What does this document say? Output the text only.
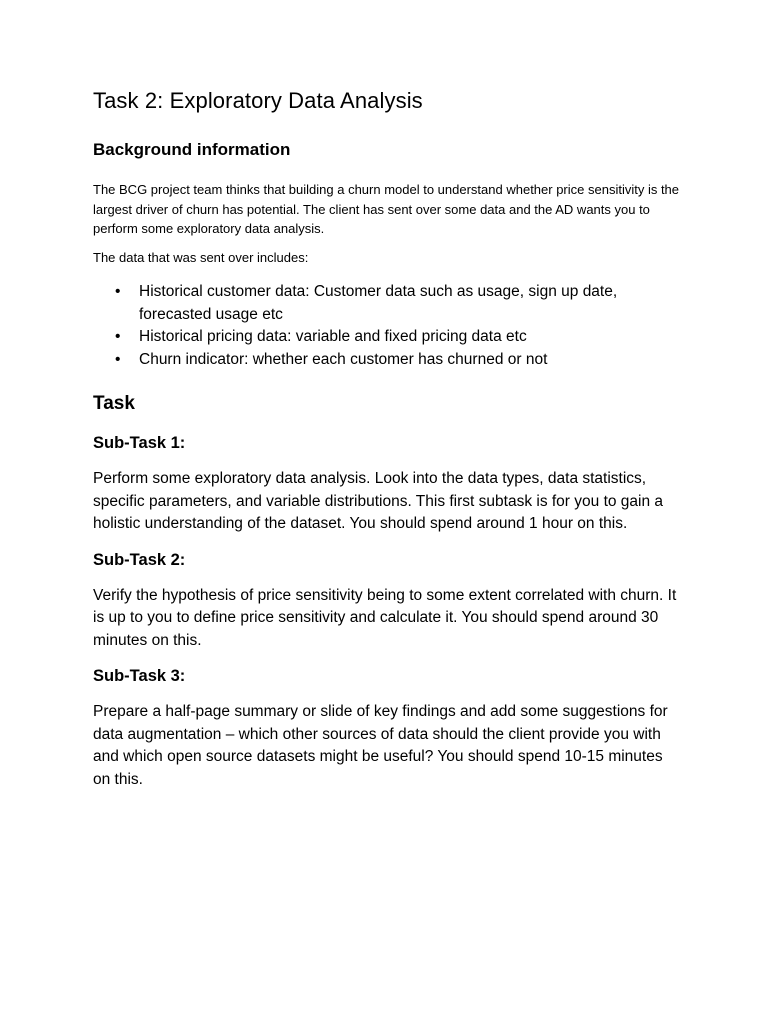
Task 2: Exploratory Data Analysis
Background information

The BCG project team thinks that building a churn model to understand whether price sensitivity is the largest driver of churn has potential. The client has sent over some data and the AD wants you to perform some exploratory data analysis.

The data that was sent over includes:

• Historical customer data: Customer data such as usage, sign up date, forecasted usage etc
• Historical pricing data: variable and fixed pricing data etc
• Churn indicator: whether each customer has churned or not
Task
Sub-Task 1:

Perform some exploratory data analysis. Look into the data types, data statistics, specific parameters, and variable distributions. This first subtask is for you to gain a holistic understanding of the dataset. You should spend around 1 hour on this.

Sub-Task 2:

Verify the hypothesis of price sensitivity being to some extent correlated with churn. It is up to you to define price sensitivity and calculate it. You should spend around 30 minutes on this.

Sub-Task 3:

Prepare a half-page summary or slide of key findings and add some suggestions for data augmentation – which other sources of data should the client provide you with and which open source datasets might be useful? You should spend 10-15 minutes on this.
